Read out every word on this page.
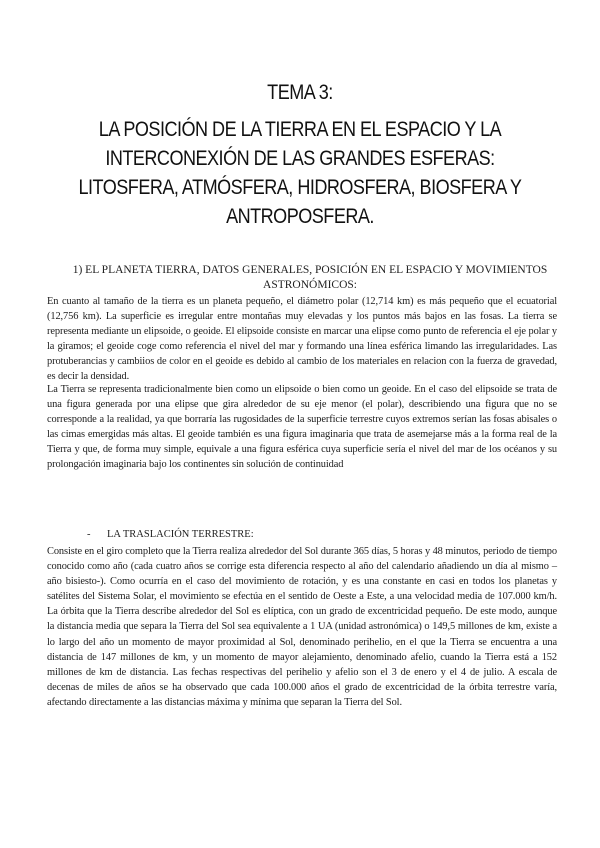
TEMA 3:
LA POSICIÓN DE LA TIERRA EN EL ESPACIO Y LA INTERCONEXIÓN DE LAS GRANDES ESFERAS: LITOSFERA, ATMÓSFERA, HIDROSFERA, BIOSFERA Y ANTROPOSFERA.
1) EL PLANETA TIERRA, DATOS GENERALES, POSICIÓN EN EL ESPACIO Y MOVIMIENTOS ASTRONÓMICOS:

En cuanto al tamaño de la tierra es un planeta pequeño, el diámetro polar (12,714 km) es más pequeño que el ecuatorial (12,756 km). La superficie es irregular entre montañas muy elevadas y los puntos más bajos en las fosas. La tierra se representa mediante un elipsoide, o geoide. El elipsoide consiste en marcar una elipse como punto de referencia el eje polar y la giramos; el geoide coge como referencia el nivel del mar y formando una línea esférica limando las irregularidades. Las protuberancias y cambiios de color en el geoide es debido al cambio de los materiales en relacion con la fuerza de gravedad, es decir la densidad.

La Tierra se representa tradicionalmente bien como un elipsoide o bien como un geoide. En el caso del elipsoide se trata de una figura generada por una elipse que gira alrededor de su eje menor (el polar), describiendo una figura que no se corresponde a la realidad, ya que borraría las rugosidades de la superficie terrestre cuyos extremos serían las fosas abisales o las cimas emergidas más altas. El geoide también es una figura imaginaria que trata de asemejarse más a la forma real de la Tierra y que, de forma muy simple, equivale a una figura esférica cuya superficie sería el nivel del mar de los océanos y su prolongación imaginaria bajo los continentes sin solución de continuidad

- LA TRASLACIÓN TERRESTRE:

Consiste en el giro completo que la Tierra realiza alrededor del Sol durante 365 días, 5 horas y 48 minutos, periodo de tiempo conocido como año (cada cuatro años se corrige esta diferencia respecto al año del calendario añadiendo un día al mismo –año bisiesto-). Como ocurría en el caso del movimiento de rotación, y es una constante en casi en todos los planetas y satélites del Sistema Solar, el movimiento se efectúa en el sentido de Oeste a Este, a una velocidad media de 107.000 km/h. La órbita que la Tierra describe alrededor del Sol es elíptica, con un grado de excentricidad pequeño. De este modo, aunque la distancia media que separa la Tierra del Sol sea equivalente a 1 UA (unidad astronómica) o 149,5 millones de km, existe a lo largo del año un momento de mayor proximidad al Sol, denominado perihelio, en el que la Tierra se encuentra a una distancia de 147 millones de km, y un momento de mayor alejamiento, denominado afelio, cuando la Tierra está a 152 millones de km de distancia. Las fechas respectivas del perihelio y afelio son el 3 de enero y el 4 de julio. A escala de decenas de miles de años se ha observado que cada 100.000 años el grado de excentricidad de la órbita terrestre varía, afectando directamente a las distancias máxima y mínima que separan la Tierra del Sol.
